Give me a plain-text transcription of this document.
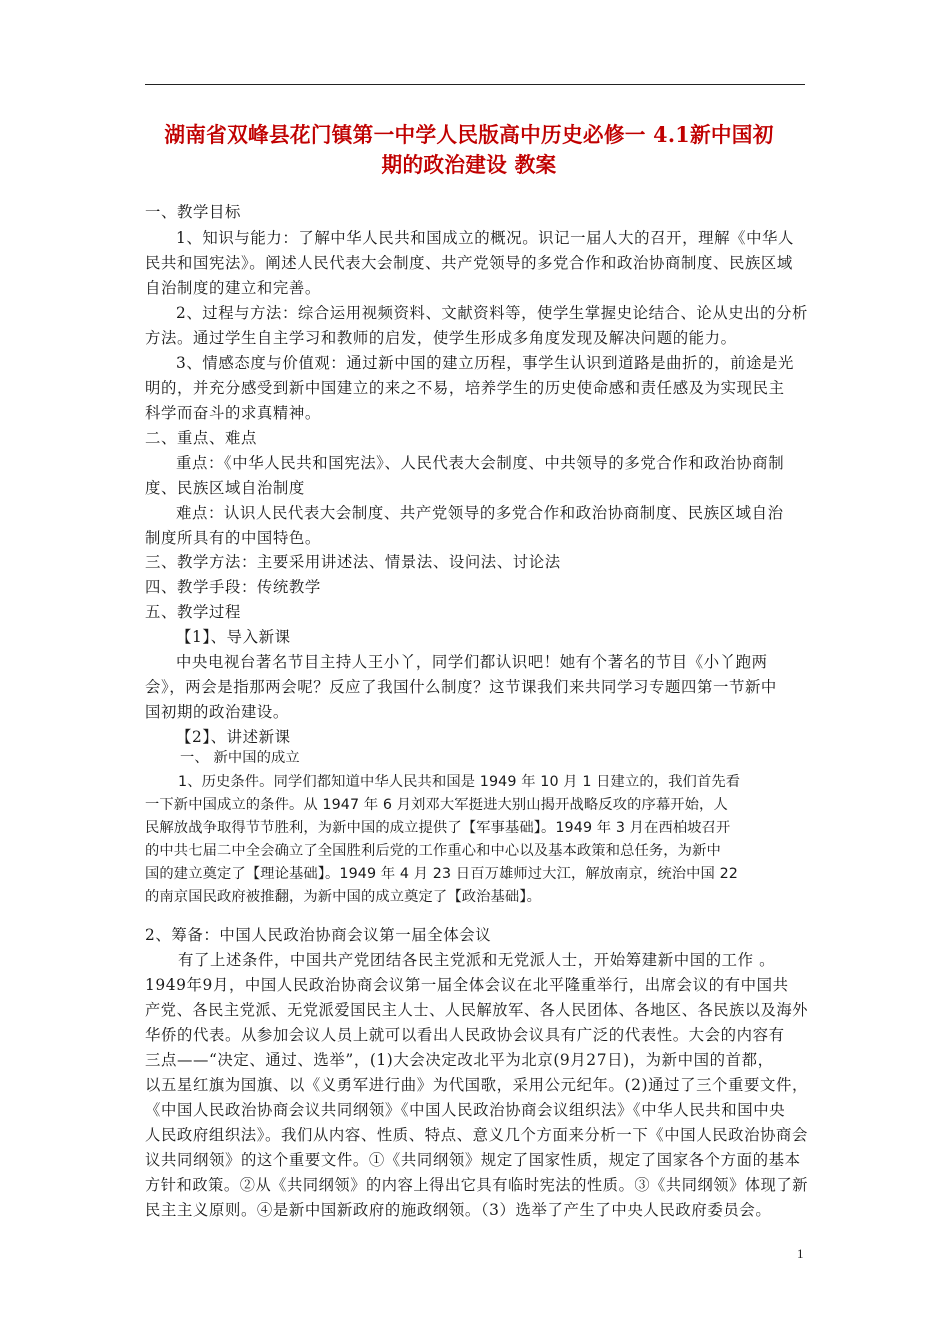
湖南省双峰县花门镇第一中学人民版高中历史必修一 4.1新中国初
期的政治建设 教案
一、教学目标
1、知识与能力：了解中华人民共和国成立的概况。识记一届人大的召开，理解《中华人
民共和国宪法》。阐述人民代表大会制度、共产党领导的多党合作和政治协商制度、民族区域
自治制度的建立和完善。
2、过程与方法：综合运用视频资料、文献资料等，使学生掌握史论结合、论从史出的分析
方法。通过学生自主学习和教师的启发，使学生形成多角度发现及解决问题的能力。
3、情感态度与价值观：通过新中国的建立历程，事学生认识到道路是曲折的，前途是光
明的，并充分感受到新中国建立的来之不易，培养学生的历史使命感和责任感及为实现民主
科学而奋斗的求真精神。
二、重点、难点
重点：《中华人民共和国宪法》、人民代表大会制度、中共领导的多党合作和政治协商制
度、民族区域自治制度
难点：认识人民代表大会制度、共产党领导的多党合作和政治协商制度、民族区域自治
制度所具有的中国特色。
三、教学方法：主要采用讲述法、情景法、设问法、讨论法
四、教学手段：传统教学
五、教学过程
【1】、导入新课
中央电视台著名节目主持人王小丫，同学们都认识吧！她有个著名的节目《小丫跑两
会》，两会是指那两会呢？反应了我国什么制度？这节课我们来共同学习专题四第一节新中
国初期的政治建设。
【2】、讲述新课
一、 新中国的成立
1、历史条件。同学们都知道中华人民共和国是 1949 年 10 月 1 日建立的，我们首先看
一下新中国成立的条件。从 1947 年 6 月刘邓大军挺进大别山揭开战略反攻的序幕开始，人
民解放战争取得节节胜利，为新中国的成立提供了【军事基础】。1949 年 3 月在西柏坡召开
的中共七届二中全会确立了全国胜利后党的工作重心和中心以及基本政策和总任务，为新中
国的建立奠定了【理论基础】。1949 年 4 月 23 日百万雄师过大江，解放南京，统治中国 22
的南京国民政府被推翻，为新中国的成立奠定了【政治基础】。
2、筹备：中国人民政治协商会议第一届全体会议
有了上述条件，中国共产党团结各民主党派和无党派人士，开始筹建新中国的工作 。
1949年9月，中国人民政治协商会议第一届全体会议在北平隆重举行，出席会议的有中国共
产党、各民主党派、无党派爱国民主人士、人民解放军、各人民团体、各地区、各民族以及海外
华侨的代表。从参加会议人员上就可以看出人民政协会议具有广泛的代表性。大会的内容有
三点——“决定、通过、选举”，(1)大会决定改北平为北京(9月27日)，为新中国的首都，
以五星红旗为国旗、以《义勇军进行曲》为代国歌，采用公元纪年。(2)通过了三个重要文件，
《中国人民政治协商会议共同纲领》《中国人民政治协商会议组织法》《中华人民共和国中央
人民政府组织法》。我们从内容、性质、特点、意义几个方面来分析一下《中国人民政治协商会
议共同纲领》的这个重要文件。①《共同纲领》规定了国家性质，规定了国家各个方面的基本
方针和政策。②从《共同纲领》的内容上得出它具有临时宪法的性质。③《共同纲领》体现了新
民主主义原则。④是新中国新政府的施政纲领。（3）选举了产生了中央人民政府委员会。
1
